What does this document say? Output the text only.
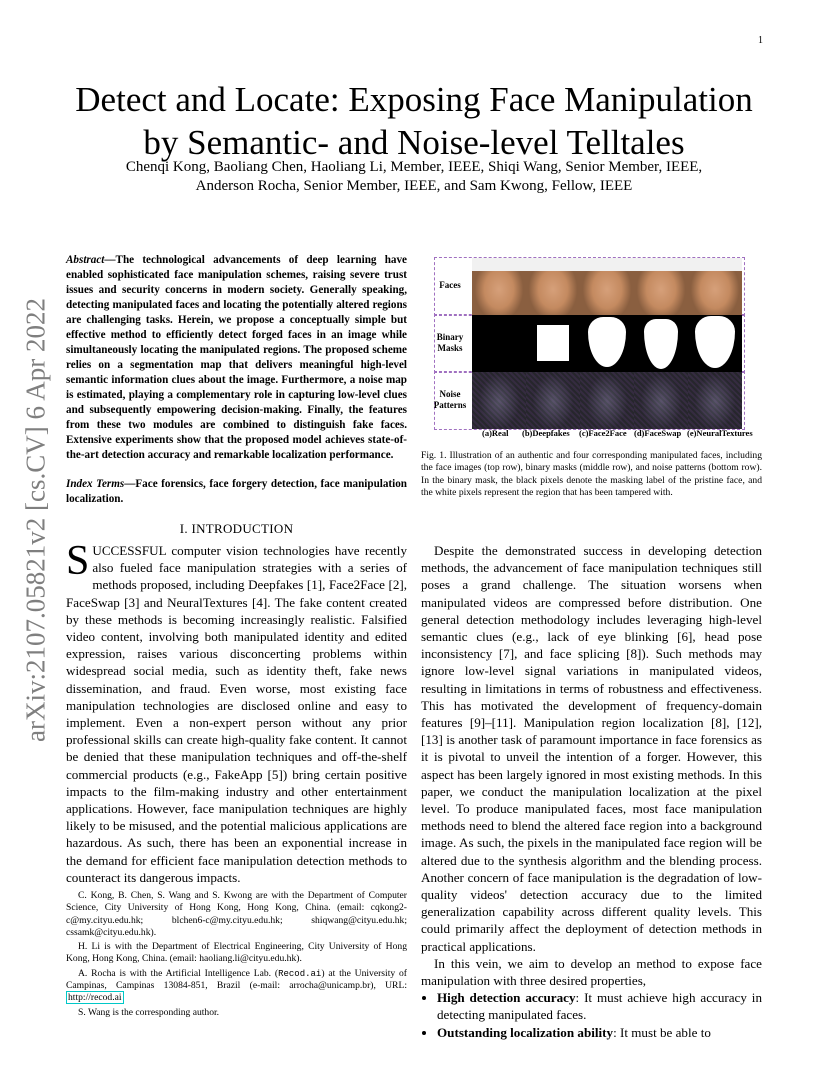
1
arXiv:2107.05821v2 [cs.CV] 6 Apr 2022
Detect and Locate: Exposing Face Manipulation by Semantic- and Noise-level Telltales
Chenqi Kong, Baoliang Chen, Haoliang Li, Member, IEEE, Shiqi Wang, Senior Member, IEEE,
Anderson Rocha, Senior Member, IEEE, and Sam Kwong, Fellow, IEEE
Abstract—The technological advancements of deep learning have enabled sophisticated face manipulation schemes, raising severe trust issues and security concerns in modern society. Generally speaking, detecting manipulated faces and locating the potentially altered regions are challenging tasks. Herein, we propose a conceptually simple but effective method to efficiently detect forged faces in an image while simultaneously locating the manipulated regions. The proposed scheme relies on a segmentation map that delivers meaningful high-level semantic information clues about the image. Furthermore, a noise map is estimated, playing a complementary role in capturing low-level clues and subsequently empowering decision-making. Finally, the features from these two modules are combined to distinguish fake faces. Extensive experiments show that the proposed model achieves state-of-the-art detection accuracy and remarkable localization performance.
Index Terms—Face forensics, face forgery detection, face manipulation localization.
I. INTRODUCTION
SUCCESSFUL computer vision technologies have recently also fueled face manipulation strategies with a series of methods proposed, including Deepfakes [1], Face2Face [2], FaceSwap [3] and NeuralTextures [4]. The fake content created by these methods is becoming increasingly realistic. Falsified video content, involving both manipulated identity and edited expression, raises various disconcerting problems within widespread social media, such as identity theft, fake news dissemination, and fraud. Even worse, most existing face manipulation technologies are disclosed online and easy to implement. Even a non-expert person without any prior professional skills can create high-quality fake content. It cannot be denied that these manipulation techniques and off-the-shelf commercial products (e.g., FakeApp [5]) bring certain positive impacts to the film-making industry and other entertainment applications. However, face manipulation techniques are highly likely to be misused, and the potential malicious applications are hazardous. As such, there has been an exponential increase in the demand for efficient face manipulation detection methods to counteract its dangerous impacts.

C. Kong, B. Chen, S. Wang and S. Kwong are with the Department of Computer Science, City University of Hong Kong, Hong Kong, China. (email: cqkong2-c@my.cityu.edu.hk; blchen6-c@my.cityu.edu.hk; shiqwang@cityu.edu.hk; cssamk@cityu.edu.hk).

H. Li is with the Department of Electrical Engineering, City University of Hong Kong, Hong Kong, China. (email: haoliang.li@cityu.edu.hk).

A. Rocha is with the Artificial Intelligence Lab. (Recod.ai) at the University of Campinas, Campinas 13084-851, Brazil (e-mail: arrocha@unicamp.br), URL: http://recod.ai

S. Wang is the corresponding author.

Faces
Binary Masks
Noise Patterns
(a)Real (b)Deepfakes (c)Face2Face (d)FaceSwap (e)NeuralTextures
Fig. 1. Illustration of an authentic and four corresponding manipulated faces, including the face images (top row), binary masks (middle row), and noise patterns (bottom row). In the binary mask, the black pixels denote the masking label of the pristine face, and the white pixels represent the region that has been tampered with.

Despite the demonstrated success in developing detection methods, the advancement of face manipulation techniques still poses a grand challenge. The situation worsens when manipulated videos are compressed before distribution. One general detection methodology includes leveraging high-level semantic clues (e.g., lack of eye blinking [6], head pose inconsistency [7], and face splicing [8]). Such methods may ignore low-level signal variations in manipulated videos, resulting in limitations in terms of robustness and effectiveness. This has motivated the development of frequency-domain features [9]–[11]. Manipulation region localization [8], [12], [13] is another task of paramount importance in face forensics as it is pivotal to unveil the intention of a forger. However, this aspect has been largely ignored in most existing methods. In this paper, we conduct the manipulation localization at the pixel level. To produce manipulated faces, most face manipulation methods need to blend the altered face region into a background image. As such, the pixels in the manipulated face region will be altered due to the synthesis algorithm and the blending process. Another concern of face manipulation is the degradation of low-quality videos' detection accuracy due to the limited generalization capability across different quality levels. This could primarily affect the deployment of detection methods in practical applications.

In this vein, we aim to develop an method to expose face manipulation with three desired properties,

• High detection accuracy: It must achieve high accuracy in detecting manipulated faces.
• Outstanding localization ability: It must be able to
